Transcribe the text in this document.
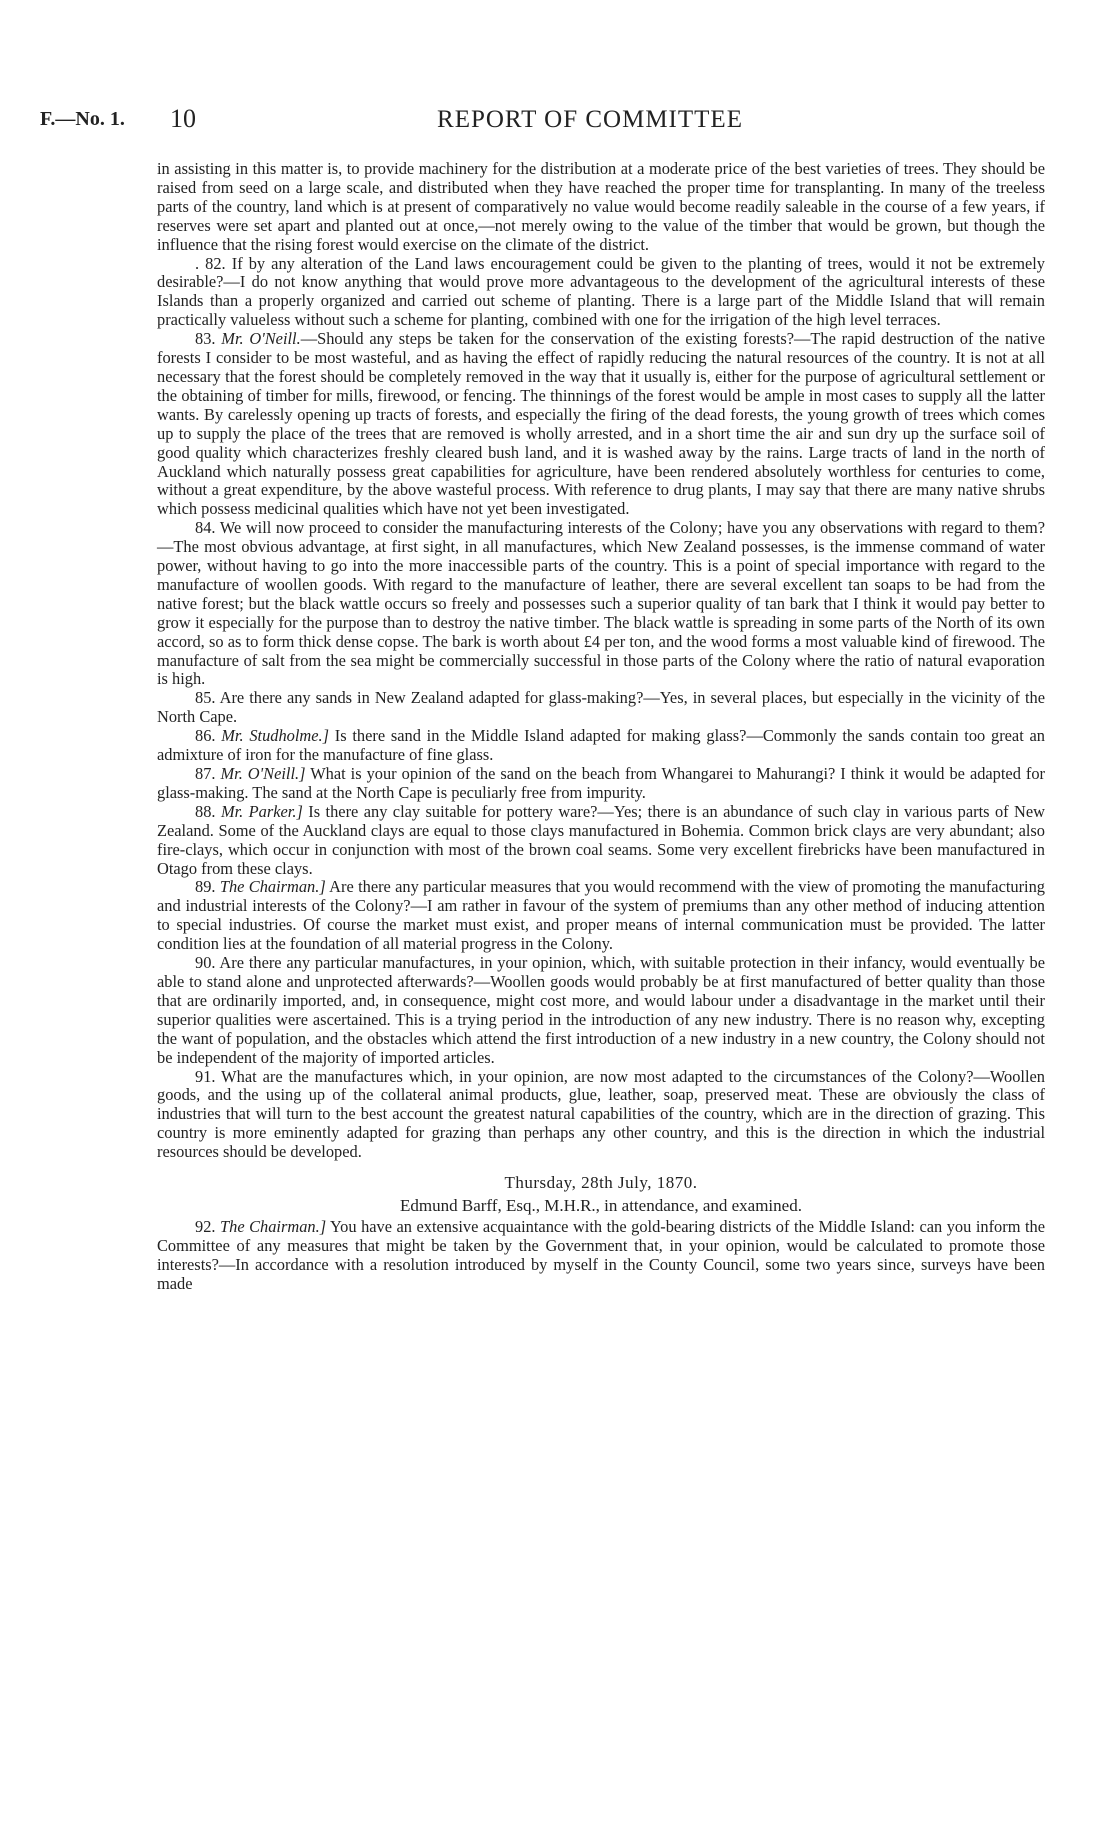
F.—No. 1. 10	REPORT OF COMMITTEE

in assisting in this matter is, to provide machinery for the distribution at a moderate price of the best varieties of trees. They should be raised from seed on a large scale, and distributed when they have reached the proper time for transplanting. In many of the treeless parts of the country, land which is at present of comparatively no value would become readily saleable in the course of a few years, if reserves were set apart and planted out at once,—not merely owing to the value of the timber that would be grown, but though the influence that the rising forest would exercise on the climate of the district.

. 82. If by any alteration of the Land laws encouragement could be given to the planting of trees, would it not be extremely desirable?—I do not know anything that would prove more advantageous to the development of the agricultural interests of these Islands than a properly organized and carried out scheme of planting. There is a large part of the Middle Island that will remain practically valueless without such a scheme for planting, combined with one for the irrigation of the high level terraces.

83. Mr. O'Neill.—Should any steps be taken for the conservation of the existing forests?—The rapid destruction of the native forests I consider to be most wasteful, and as having the effect of rapidly reducing the natural resources of the country. It is not at all necessary that the forest should be completely removed in the way that it usually is, either for the purpose of agricultural settlement or the obtaining of timber for mills, firewood, or fencing. The thinnings of the forest would be ample in most cases to supply all the latter wants. By carelessly opening up tracts of forests, and especially the firing of the dead forests, the young growth of trees which comes up to supply the place of the trees that are removed is wholly arrested, and in a short time the air and sun dry up the surface soil of good quality which characterizes freshly cleared bush land, and it is washed away by the rains. Large tracts of land in the north of Auckland which naturally possess great capabilities for agriculture, have been rendered absolutely worthless for centuries to come, without a great expenditure, by the above wasteful process. With reference to drug plants, I may say that there are many native shrubs which possess medicinal qualities which have not yet been investigated.

84. We will now proceed to consider the manufacturing interests of the Colony; have you any observations with regard to them?—The most obvious advantage, at first sight, in all manufactures, which New Zealand possesses, is the immense command of water power, without having to go into the more inaccessible parts of the country. This is a point of special importance with regard to the manufacture of woollen goods. With regard to the manufacture of leather, there are several excellent tan soaps to be had from the native forest; but the black wattle occurs so freely and possesses such a superior quality of tan bark that I think it would pay better to grow it especially for the purpose than to destroy the native timber. The black wattle is spreading in some parts of the North of its own accord, so as to form thick dense copse. The bark is worth about £4 per ton, and the wood forms a most valuable kind of firewood. The manufacture of salt from the sea might be commercially successful in those parts of the Colony where the ratio of natural evaporation is high.

85. Are there any sands in New Zealand adapted for glass-making?—Yes, in several places, but especially in the vicinity of the North Cape.

86. Mr. Studholme.] Is there sand in the Middle Island adapted for making glass?—Commonly the sands contain too great an admixture of iron for the manufacture of fine glass.

87. Mr. O'Neill.] What is your opinion of the sand on the beach from Whangarei to Mahurangi? I think it would be adapted for glass-making. The sand at the North Cape is peculiarly free from impurity.

88. Mr. Parker.] Is there any clay suitable for pottery ware?—Yes; there is an abundance of such clay in various parts of New Zealand. Some of the Auckland clays are equal to those clays manufactured in Bohemia. Common brick clays are very abundant; also fire-clays, which occur in conjunction with most of the brown coal seams. Some very excellent firebricks have been manufactured in Otago from these clays.

89. The Chairman.] Are there any particular measures that you would recommend with the view of promoting the manufacturing and industrial interests of the Colony?—I am rather in favour of the system of premiums than any other method of inducing attention to special industries. Of course the market must exist, and proper means of internal communication must be provided. The latter condition lies at the foundation of all material progress in the Colony.

90. Are there any particular manufactures, in your opinion, which, with suitable protection in their infancy, would eventually be able to stand alone and unprotected afterwards?—Woollen goods would probably be at first manufactured of better quality than those that are ordinarily imported, and, in consequence, might cost more, and would labour under a disadvantage in the market until their superior qualities were ascertained. This is a trying period in the introduction of any new industry. There is no reason why, excepting the want of population, and the obstacles which attend the first introduction of a new industry in a new country, the Colony should not be independent of the majority of imported articles.

91. What are the manufactures which, in your opinion, are now most adapted to the circumstances of the Colony?—Woollen goods, and the using up of the collateral animal products, glue, leather, soap, preserved meat. These are obviously the class of industries that will turn to the best account the greatest natural capabilities of the country, which are in the direction of grazing. This country is more eminently adapted for grazing than perhaps any other country, and this is the direction in which the industrial resources should be developed.

Thursday, 28th July, 1870.
Edmund Barff, Esq., M.H.R., in attendance, and examined.

92. The Chairman.] You have an extensive acquaintance with the gold-bearing districts of the Middle Island: can you inform the Committee of any measures that might be taken by the Government that, in your opinion, would be calculated to promote those interests?—In accordance with a resolution introduced by myself in the County Council, some two years since, surveys have been made
